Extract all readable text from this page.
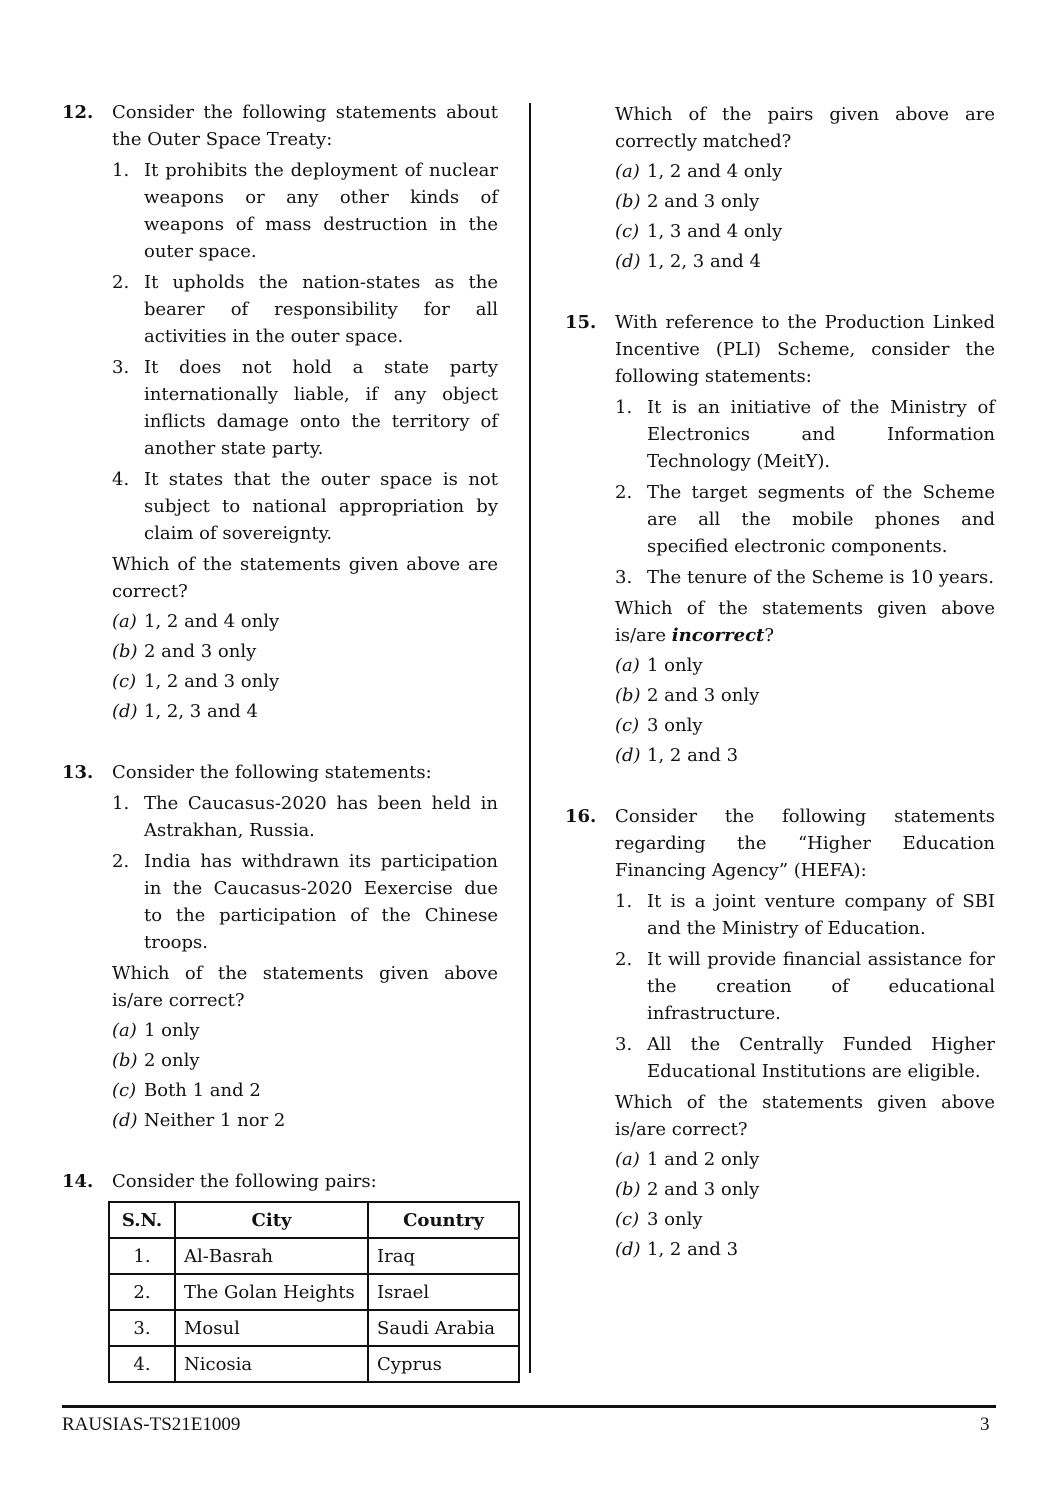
12. Consider the following statements about the Outer Space Treaty:
1. It prohibits the deployment of nuclear weapons or any other kinds of weapons of mass destruction in the outer space.
2. It upholds the nation-states as the bearer of responsibility for all activities in the outer space.
3. It does not hold a state party internationally liable, if any object inflicts damage onto the territory of another state party.
4. It states that the outer space is not subject to national appropriation by claim of sovereignty.
Which of the statements given above are correct?
(a) 1, 2 and 4 only
(b) 2 and 3 only
(c) 1, 2 and 3 only
(d) 1, 2, 3 and 4
13. Consider the following statements:
1. The Caucasus-2020 has been held in Astrakhan, Russia.
2. India has withdrawn its participation in the Caucasus-2020 Eexercise due to the participation of the Chinese troops.
Which of the statements given above is/are correct?
(a) 1 only
(b) 2 only
(c) Both 1 and 2
(d) Neither 1 nor 2
14. Consider the following pairs:
S.N.	City	Country
1.	Al-Basrah	Iraq
2.	The Golan Heights	Israel
3.	Mosul	Saudi Arabia
4.	Nicosia	Cyprus
Which of the pairs given above are correctly matched?
(a) 1, 2 and 4 only
(b) 2 and 3 only
(c) 1, 3 and 4 only
(d) 1, 2, 3 and 4
15. With reference to the Production Linked Incentive (PLI) Scheme, consider the following statements:
1. It is an initiative of the Ministry of Electronics and Information Technology (MeitY).
2. The target segments of the Scheme are all the mobile phones and specified electronic components.
3. The tenure of the Scheme is 10 years.
Which of the statements given above is/are incorrect?
(a) 1 only
(b) 2 and 3 only
(c) 3 only
(d) 1, 2 and 3
16. Consider the following statements regarding the “Higher Education Financing Agency” (HEFA):
1. It is a joint venture company of SBI and the Ministry of Education.
2. It will provide financial assistance for the creation of educational infrastructure.
3. All the Centrally Funded Higher Educational Institutions are eligible.
Which of the statements given above is/are correct?
(a) 1 and 2 only
(b) 2 and 3 only
(c) 3 only
(d) 1, 2 and 3
RAUSIAS-TS21E1009	3
